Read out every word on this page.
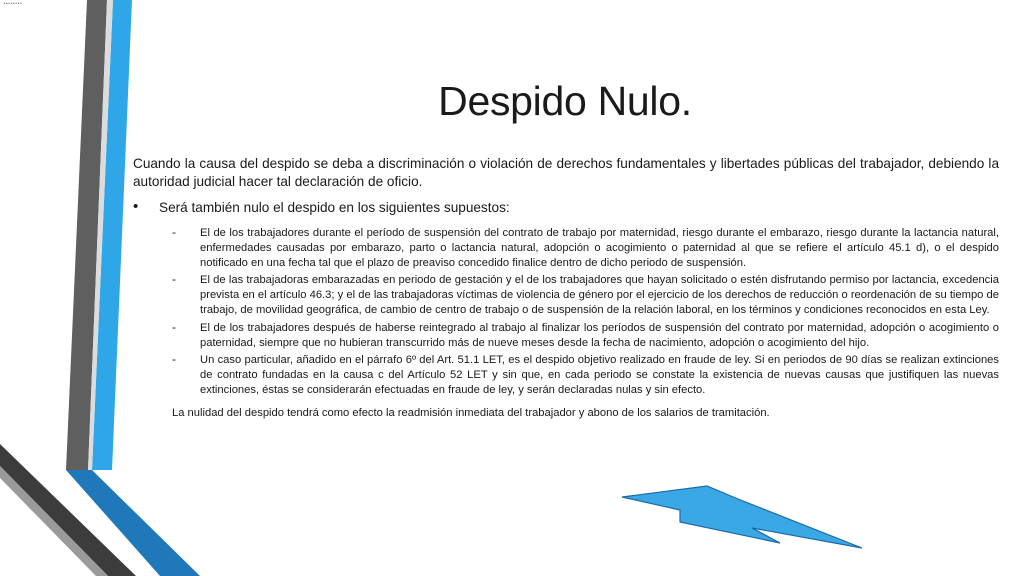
▸ ▸ ▸ ▸ ▸ ▸ ▸ ▸
Despido Nulo.

Cuando la causa del despido se deba a discriminación o violación de derechos fundamentales y libertades públicas del trabajador, debiendo la autoridad judicial hacer tal declaración de oficio.

• Será también nulo el despido en los siguientes supuestos:

- El de los trabajadores durante el período de suspensión del contrato de trabajo por maternidad, riesgo durante el embarazo, riesgo durante la lactancia natural, enfermedades causadas por embarazo, parto o lactancia natural, adopción o acogimiento o paternidad al que se refiere el artículo 45.1 d), o el despido notificado en una fecha tal que el plazo de preaviso concedido finalice dentro de dicho periodo de suspensión.
- El de las trabajadoras embarazadas en periodo de gestación y el de los trabajadores que hayan solicitado o estén disfrutando permiso por lactancia, excedencia prevista en el artículo 46.3; y el de las trabajadoras víctimas de violencia de género por el ejercicio de los derechos de reducción o reordenación de su tiempo de trabajo, de movilidad geográfica, de cambio de centro de trabajo o de suspensión de la relación laboral, en los términos y condiciones reconocidos en esta Ley.
- El de los trabajadores después de haberse reintegrado al trabajo al finalizar los períodos de suspensión del contrato por maternidad, adopción o acogimiento o paternidad, siempre que no hubieran transcurrido más de nueve meses desde la fecha de nacimiento, adopción o acogimiento del hijo.
- Un caso particular, añadido en el párrafo 6º del Art. 51.1 LET, es el despido objetivo realizado en fraude de ley. Si en periodos de 90 días se realizan extinciones de contrato fundadas en la causa c del Artículo 52 LET y sin que, en cada periodo se constate la existencia de nuevas causas que justifiquen las nuevas extinciones, éstas se considerarán efectuadas en fraude de ley, y serán declaradas nulas y sin efecto.

La nulidad del despido tendrá como efecto la readmisión inmediata del trabajador y abono de los salarios de tramitación.
